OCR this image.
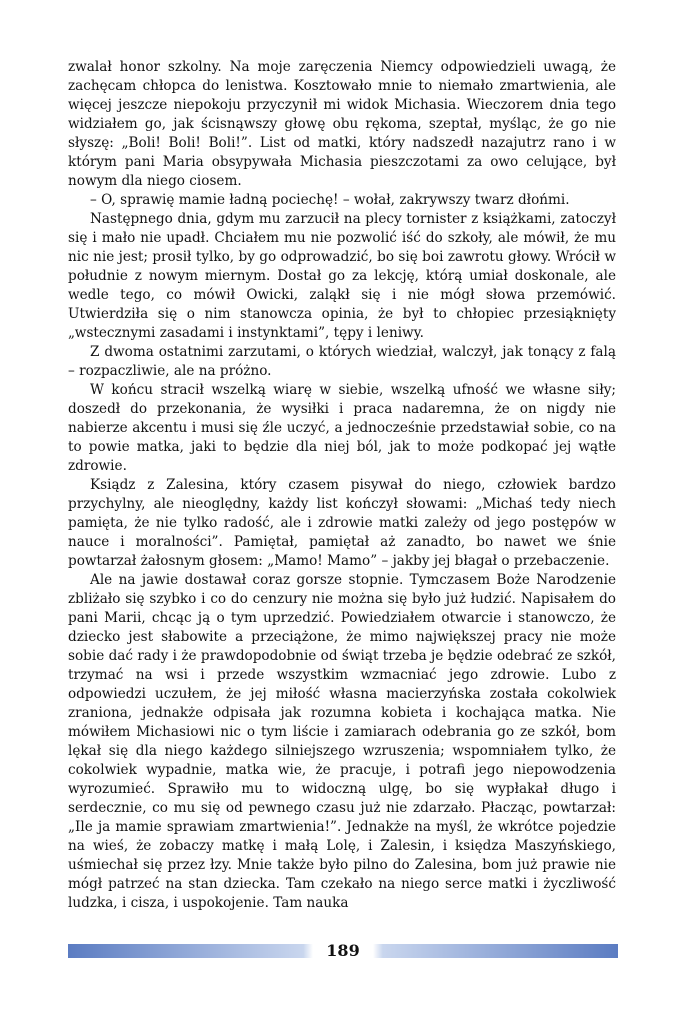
zwalał honor szkolny. Na moje zaręczenia Niemcy odpowiedzieli uwagą, że zachęcam chłopca do lenistwa. Kosztowało mnie to niemało zmartwienia, ale więcej jeszcze niepokoju przyczynił mi widok Michasia. Wieczorem dnia tego widziałem go, jak ścisnąwszy głowę obu rękoma, szeptał, myśląc, że go nie słyszę: „Boli! Boli! Boli!”. List od matki, który nadszedł nazajutrz rano i w którym pani Maria obsypywała Michasia pieszczotami za owo celujące, był nowym dla niego ciosem.

– O, sprawię mamie ładną pociechę! – wołał, zakrywszy twarz dłońmi.

Następnego dnia, gdym mu zarzucił na plecy tornister z książkami, zatoczył się i mało nie upadł. Chciałem mu nie pozwolić iść do szkoły, ale mówił, że mu nic nie jest; prosił tylko, by go odprowadzić, bo się boi zawrotu głowy. Wrócił w południe z nowym miernym. Dostał go za lekcję, którą umiał doskonale, ale wedle tego, co mówił Owicki, zaląkł się i nie mógł słowa przemówić. Utwierdziła się o nim stanowcza opinia, że był to chłopiec przesiąknięty „wstecznymi zasadami i instynktami”, tępy i leniwy.

Z dwoma ostatnimi zarzutami, o których wiedział, walczył, jak tonący z falą – rozpaczliwie, ale na próżno.

W końcu stracił wszelką wiarę w siebie, wszelką ufność we własne siły; doszedł do przekonania, że wysiłki i praca nadaremna, że on nigdy nie nabierze akcentu i musi się źle uczyć, a jednocześnie przedstawiał sobie, co na to powie matka, jaki to będzie dla niej ból, jak to może podkopać jej wątłe zdrowie.

Ksiądz z Zalesina, który czasem pisywał do niego, człowiek bardzo przychylny, ale nieoględny, każdy list kończył słowami: „Michaś tedy niech pamięta, że nie tylko radość, ale i zdrowie matki zależy od jego postępów w nauce i moralności”. Pamiętał, pamiętał aż zanadto, bo nawet we śnie powtarzał żałosnym głosem: „Mamo! Mamo” – jakby jej błagał o przebaczenie.

Ale na jawie dostawał coraz gorsze stopnie. Tymczasem Boże Narodzenie zbliżało się szybko i co do cenzury nie można się było już łudzić. Napisałem do pani Marii, chcąc ją o tym uprzedzić. Powiedziałem otwarcie i stanowczo, że dziecko jest słabowite a przeciążone, że mimo największej pracy nie może sobie dać rady i że prawdopodobnie od świąt trzeba je będzie odebrać ze szkół, trzymać na wsi i przede wszystkim wzmacniać jego zdrowie. Lubo z odpowiedzi uczułem, że jej miłość własna macierzyńska została cokolwiek zraniona, jednakże odpisała jak rozumna kobieta i kochająca matka. Nie mówiłem Michasiowi nic o tym liście i zamiarach odebrania go ze szkół, bom lękał się dla niego każdego silniejszego wzruszenia; wspomniałem tylko, że cokolwiek wypadnie, matka wie, że pracuje, i potrafi jego niepowodzenia wyrozumieć. Sprawiło mu to widoczną ulgę, bo się wypłakał długo i serdecznie, co mu się od pewnego czasu już nie zdarzało. Płacząc, powtarzał: „Ile ja mamie sprawiam zmartwienia!”. Jednakże na myśl, że wkrótce pojedzie na wieś, że zobaczy matkę i małą Lolę, i Zalesin, i księdza Maszyńskiego, uśmiechał się przez łzy. Mnie także było pilno do Zalesina, bom już prawie nie mógł patrzeć na stan dziecka. Tam czekało na niego serce matki i życzliwość ludzka, i cisza, i uspokojenie. Tam nauka

189
